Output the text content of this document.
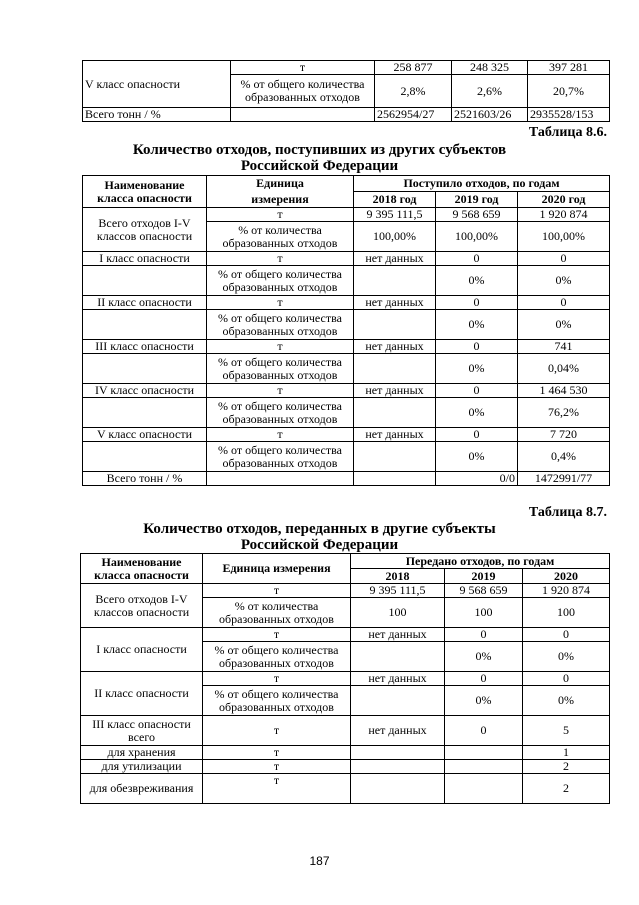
V класс опасности	т	258 877	248 325	397 281
	% от общего количества образованных отходов	2,8%	2,6%	20,7%
Всего тонн / %		2562954/27	2521603/26	2935528/153
Таблица 8.6.
Количество отходов, поступивших из других субъектов
Российской Федерации
Наименование класса опасности	Единица	Поступило отходов, по годам		
	измерения	2018 год	2019 год	2020 год
Всего отходов I-V классов опасности	т	9 395 111,5	9 568 659	1 920 874
	% от количества образованных отходов	100,00%	100,00%	100,00%
I класс опасности	т	нет данных	0	0
	% от общего количества образованных отходов		0%	0%
II класс опасности	т	нет данных	0	0
	% от общего количества образованных отходов		0%	0%
III класс опасности	т	нет данных	0	741
	% от общего количества образованных отходов		0%	0,04%
IV класс опасности	т	нет данных	0	1 464 530
	% от общего количества образованных отходов		0%	76,2%
V класс опасности	т	нет данных	0	7 720
	% от общего количества образованных отходов		0%	0,4%
Всего тонн / %			0/0	1472991/77
Таблица 8.7.
Количество отходов, переданных в другие субъекты
Российской Федерации
Наименование класса опасности	Единица измерения	Передано отходов, по годам		
		2018	2019	2020
Всего отходов I-V классов опасности	т	9 395 111,5	9 568 659	1 920 874
	% от количества образованных отходов	100	100	100
I класс опасности	т	нет данных	0	0
	% от общего количества образованных отходов		0%	0%
II класс опасности	т	нет данных	0	0
	% от общего количества образованных отходов		0%	0%
III класс опасности всего	т	нет данных	0	5
для хранения	т			1
для утилизации	т			2
для обезвреживания	т			2
187
